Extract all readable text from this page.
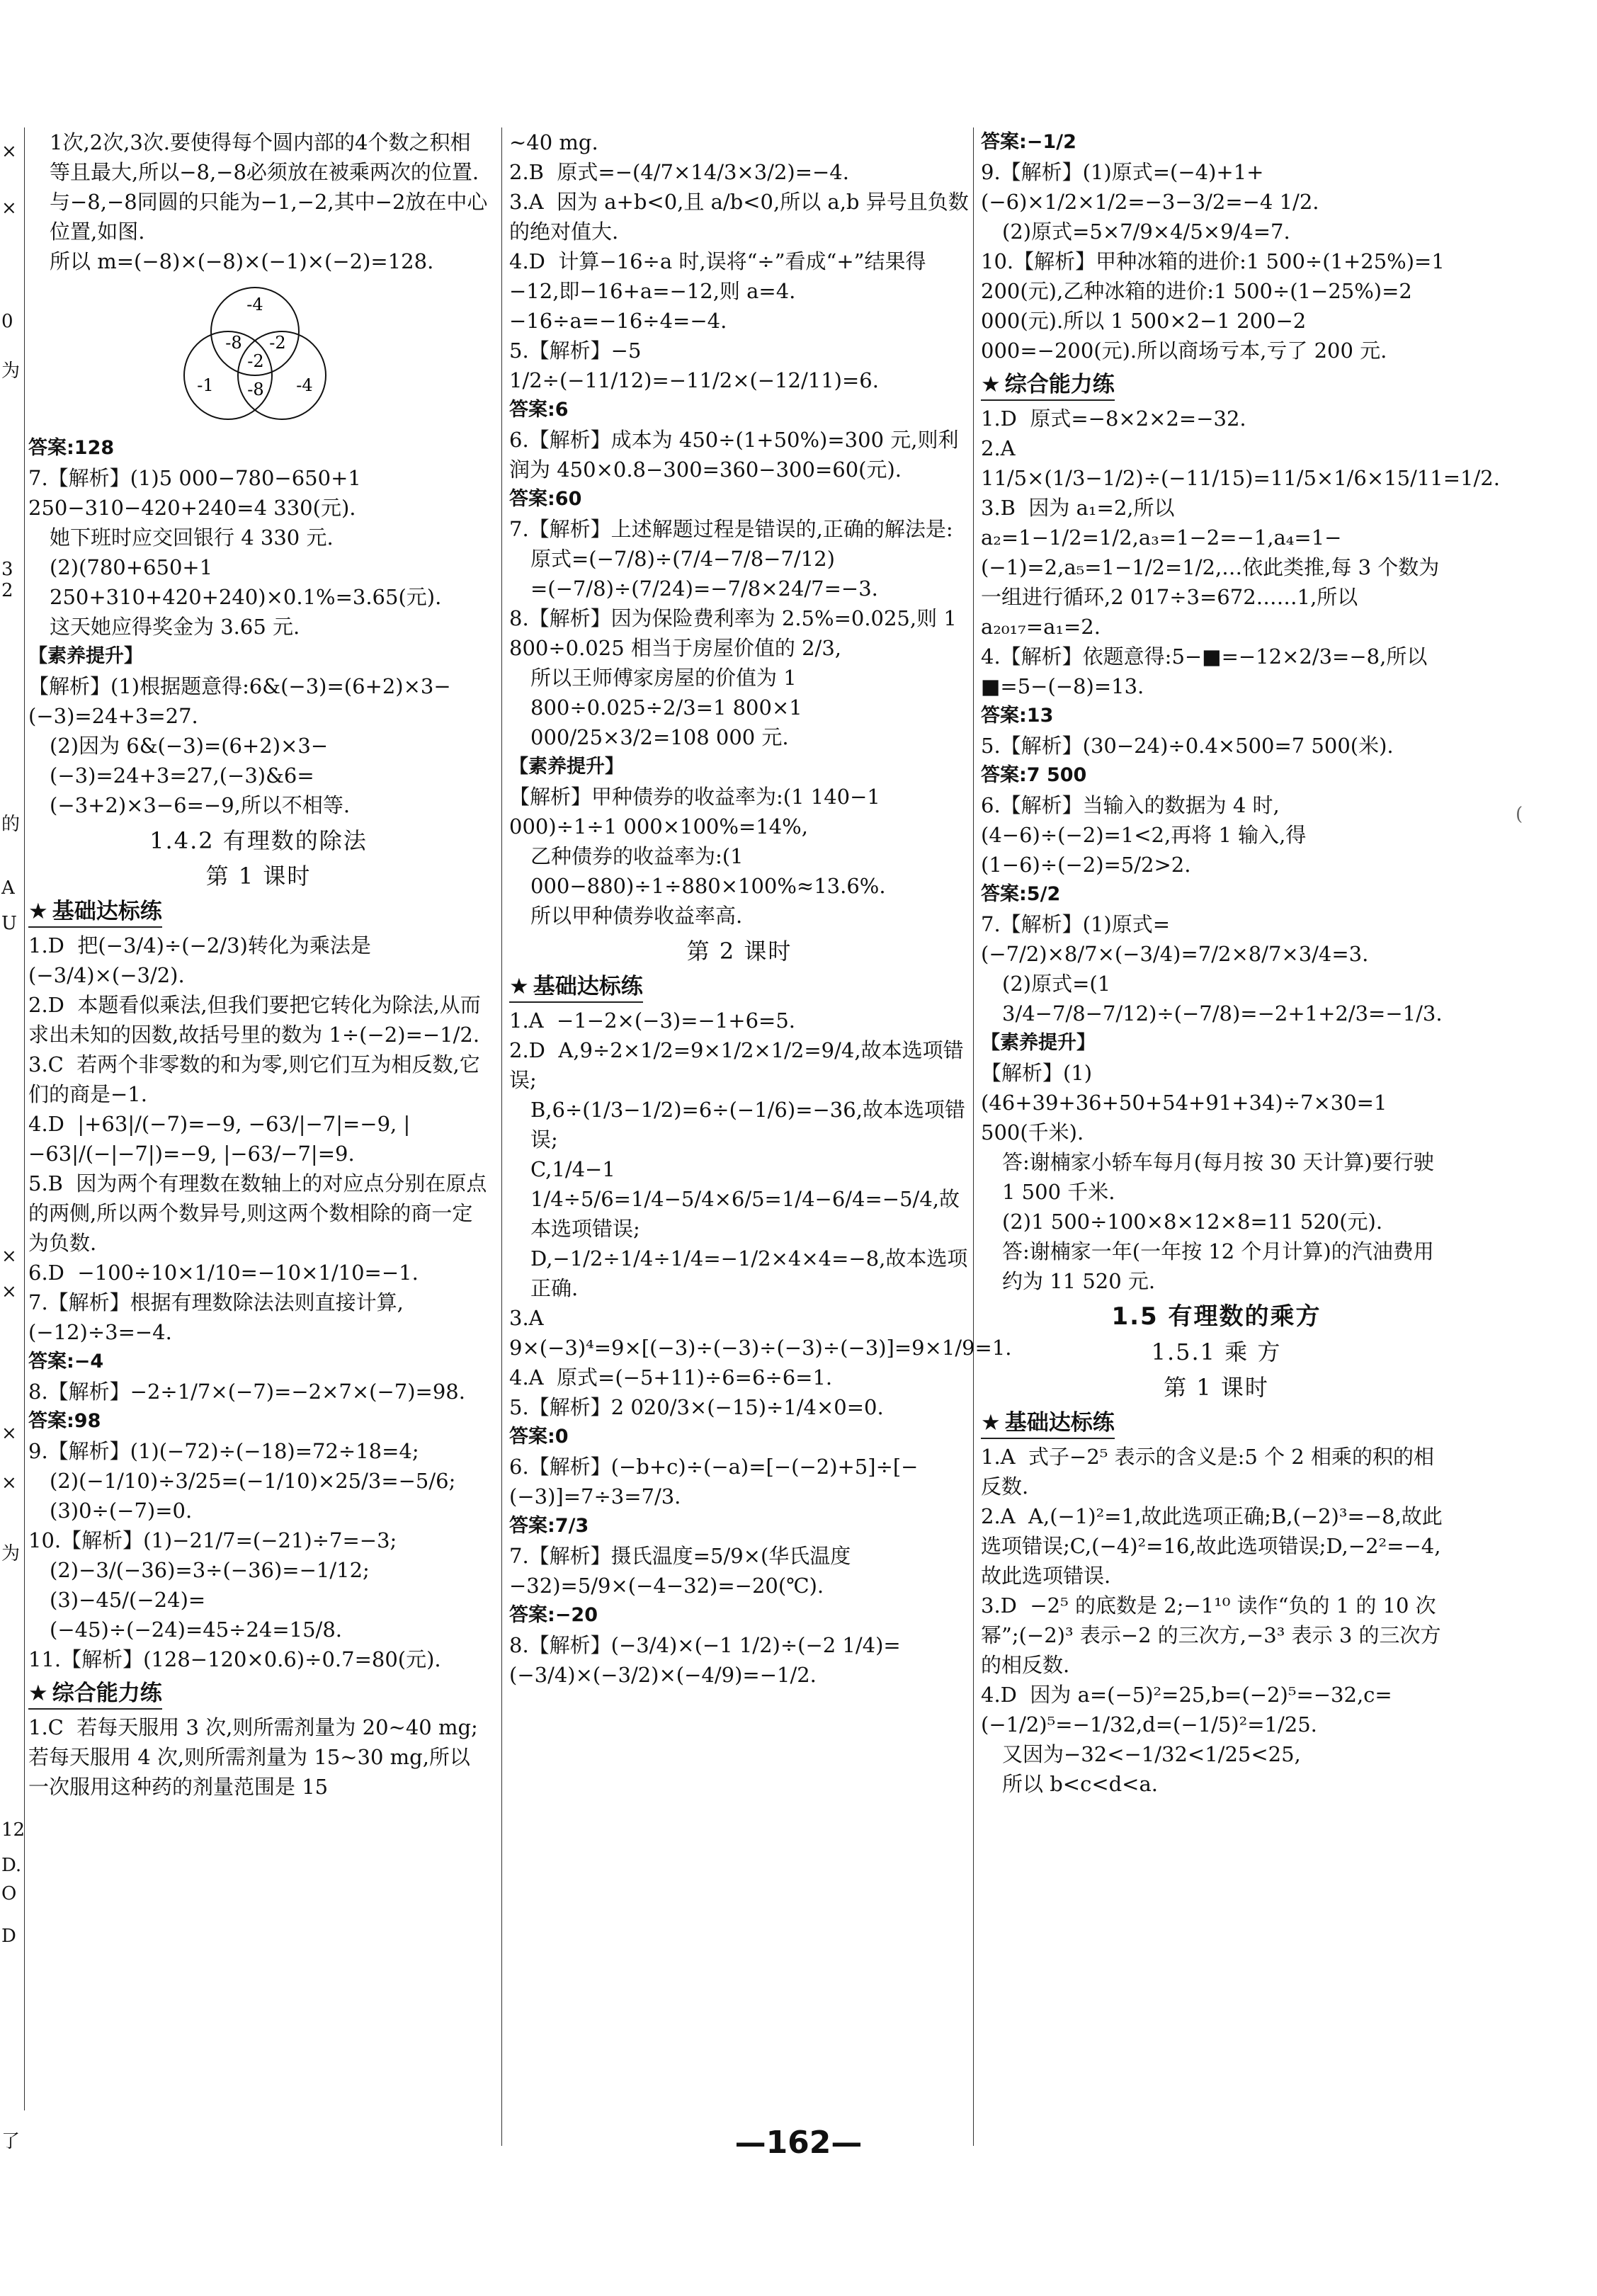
×
×
0
为
3
2
的
A
U
×
×
×
×
为
12
D.
O
D
了

1次,2次,3次.要使得每个圆内部的4个数之积相等且最大,所以−8,−8必须放在被乘两次的位置.与−8,−8同圆的只能为−1,−2,其中−2放在中心位置,如图.

所以 m=(−8)×(−8)×(−1)×(−2)=128.

-4
-8 -2
-2
-1 -8 -4

答案:128

7.【解析】(1)5 000−780−650+1 250−310−420+240=4 330(元).

她下班时应交回银行 4 330 元.

(2)(780+650+1 250+310+420+240)×0.1%=3.65(元).

这天她应得奖金为 3.65 元.

【素养提升】

【解析】(1)根据题意得:6&(−3)=(6+2)×3−(−3)=24+3=27.

(2)因为 6&(−3)=(6+2)×3−(−3)=24+3=27,(−3)&6=(−3+2)×3−6=−9,所以不相等.

1.4.2 有理数的除法

第 1 课时

★ 基础达标练

1.D  把(−3/4)÷(−2/3)转化为乘法是(−3/4)×(−3/2).

2.D  本题看似乘法,但我们要把它转化为除法,从而求出未知的因数,故括号里的数为 1÷(−2)=−1/2.

3.C  若两个非零数的和为零,则它们互为相反数,它们的商是−1.

4.D  |+63|/(−7)=−9, −63/|−7|=−9, |−63|/(−|−7|)=−9, |−63/−7|=9.

5.B  因为两个有理数在数轴上的对应点分别在原点的两侧,所以两个数异号,则这两个数相除的商一定为负数.

6.D  −100÷10×1/10=−10×1/10=−1.

7.【解析】根据有理数除法法则直接计算,(−12)÷3=−4.

答案:−4

8.【解析】−2÷1/7×(−7)=−2×7×(−7)=98.

答案:98

9.【解析】(1)(−72)÷(−18)=72÷18=4;

(2)(−1/10)÷3/25=(−1/10)×25/3=−5/6;

(3)0÷(−7)=0.

10.【解析】(1)−21/7=(−21)÷7=−3;

(2)−3/(−36)=3÷(−36)=−1/12;

(3)−45/(−24)=(−45)÷(−24)=45÷24=15/8.

11.【解析】(128−120×0.6)÷0.7=80(元).

★ 综合能力练

1.C  若每天服用 3 次,则所需剂量为 20~40 mg;若每天服用 4 次,则所需剂量为 15~30 mg,所以一次服用这种药的剂量范围是 15

~40 mg.

2.B  原式=−(4/7×14/3×3/2)=−4.

3.A  因为 a+b<0,且 a/b<0,所以 a,b 异号且负数的绝对值大.

4.D  计算−16÷a 时,误将“÷”看成“+”结果得−12,即−16+a=−12,则 a=4. −16÷a=−16÷4=−4.

5.【解析】−5 1/2÷(−11/12)=−11/2×(−12/11)=6.

答案:6

6.【解析】成本为 450÷(1+50%)=300 元,则利润为 450×0.8−300=360−300=60(元).

答案:60

7.【解析】上述解题过程是错误的,正确的解法是:

原式=(−7/8)÷(7/4−7/8−7/12)

=(−7/8)÷(7/24)=−7/8×24/7=−3.

8.【解析】因为保险费利率为 2.5%=0.025,则 1 800÷0.025 相当于房屋价值的 2/3,

所以王师傅家房屋的价值为 1 800÷0.025÷2/3=1 800×1 000/25×3/2=108 000 元.

【素养提升】

【解析】甲种债券的收益率为:(1 140−1 000)÷1÷1 000×100%=14%,

乙种债券的收益率为:(1 000−880)÷1÷880×100%≈13.6%.

所以甲种债券收益率高.

第 2 课时

★ 基础达标练

1.A  −1−2×(−3)=−1+6=5.

2.D  A,9÷2×1/2=9×1/2×1/2=9/4,故本选项错误;

B,6÷(1/3−1/2)=6÷(−1/6)=−36,故本选项错误;

C,1/4−1 1/4÷5/6=1/4−5/4×6/5=1/4−6/4=−5/4,故本选项错误;

D,−1/2÷1/4÷1/4=−1/2×4×4=−8,故本选项正确.

3.A  9×(−3)⁴=9×[(−3)÷(−3)÷(−3)÷(−3)]=9×1/9=1.

4.A  原式=(−5+11)÷6=6÷6=1.

5.【解析】2 020/3×(−15)÷1/4×0=0.

答案:0

6.【解析】(−b+c)÷(−a)=[−(−2)+5]÷[−(−3)]=7÷3=7/3.

答案:7/3

7.【解析】摄氏温度=5/9×(华氏温度−32)=5/9×(−4−32)=−20(℃).

答案:−20

8.【解析】(−3/4)×(−1 1/2)÷(−2 1/4)=(−3/4)×(−3/2)×(−4/9)=−1/2.

答案:−1/2

9.【解析】(1)原式=(−4)+1+(−6)×1/2×1/2=−3−3/2=−4 1/2.

(2)原式=5×7/9×4/5×9/4=7.

10.【解析】甲种冰箱的进价:1 500÷(1+25%)=1 200(元),乙种冰箱的进价:1 500÷(1−25%)=2 000(元).所以 1 500×2−1 200−2 000=−200(元).所以商场亏本,亏了 200 元.

★ 综合能力练

1.D  原式=−8×2×2=−32.

2.A  11/5×(1/3−1/2)÷(−11/15)=11/5×1/6×15/11=1/2.

3.B  因为 a₁=2,所以 a₂=1−1/2=1/2,a₃=1−2=−1,a₄=1−(−1)=2,a₅=1−1/2=1/2,…依此类推,每 3 个数为一组进行循环,2 017÷3=672……1,所以 a₂₀₁₇=a₁=2.

4.【解析】依题意得:5−■=−12×2/3=−8,所以■=5−(−8)=13.

答案:13

5.【解析】(30−24)÷0.4×500=7 500(米).

答案:7 500

6.【解析】当输入的数据为 4 时,(4−6)÷(−2)=1<2,再将 1 输入,得(1−6)÷(−2)=5/2>2.

答案:5/2

7.【解析】(1)原式=(−7/2)×8/7×(−3/4)=7/2×8/7×3/4=3.

(2)原式=(1 3/4−7/8−7/12)÷(−7/8)=−2+1+2/3=−1/3.

【素养提升】

【解析】(1)(46+39+36+50+54+91+34)÷7×30=1 500(千米).

答:谢楠家小轿车每月(每月按 30 天计算)要行驶 1 500 千米.

(2)1 500÷100×8×12×8=11 520(元).

答:谢楠家一年(一年按 12 个月计算)的汽油费用约为 11 520 元.

1.5 有理数的乘方

1.5.1 乘 方

第 1 课时

★ 基础达标练

1.A  式子−2⁵ 表示的含义是:5 个 2 相乘的积的相反数.

2.A  A,(−1)²=1,故此选项正确;B,(−2)³=−8,故此选项错误;C,(−4)²=16,故此选项错误;D,−2²=−4,故此选项错误.

3.D  −2⁵ 的底数是 2;−1¹⁰ 读作“负的 1 的 10 次幂”;(−2)³ 表示−2 的三次方,−3³ 表示 3 的三次方的相反数.

4.D  因为 a=(−5)²=25,b=(−2)⁵=−32,c=(−1/2)⁵=−1/32,d=(−1/5)²=1/25.

又因为−32<−1/32<1/25<25,

所以 b<c<d<a.

(
—162—
